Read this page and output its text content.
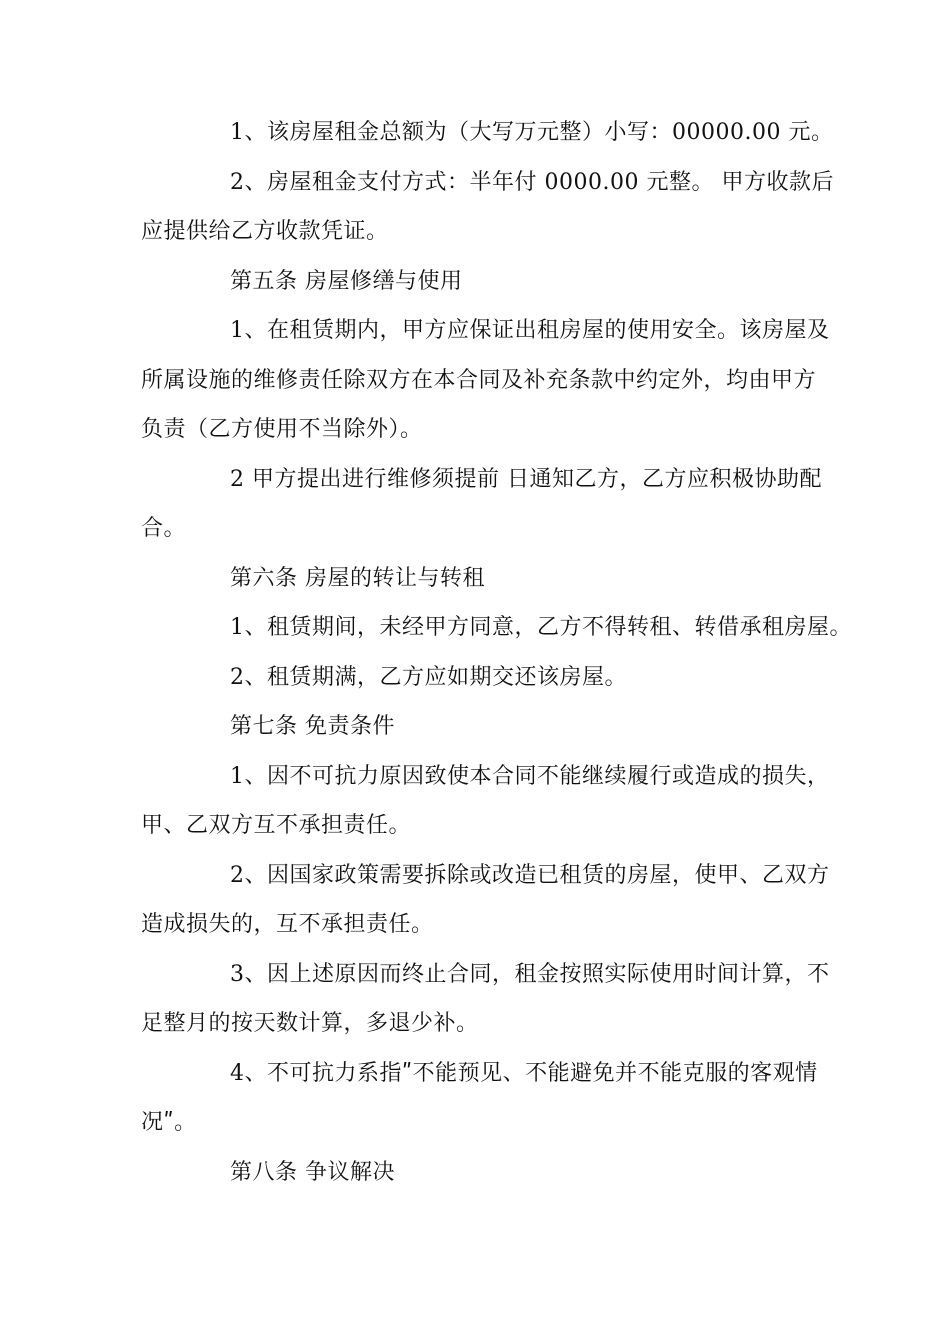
1、该房屋租金总额为（大写万元整）小写：00000.00 元。
2、房屋租金支付方式：半年付 0000.00 元整。 甲方收款后
应提供给乙方收款凭证。
第五条 房屋修缮与使用
1、在租赁期内，甲方应保证出租房屋的使用安全。该房屋及
所属设施的维修责任除双方在本合同及补充条款中约定外，均由甲方
负责（乙方使用不当除外）。
2 甲方提出进行维修须提前 日通知乙方，乙方应积极协助配
合。
第六条 房屋的转让与转租
1、租赁期间，未经甲方同意，乙方不得转租、转借承租房屋。
2、租赁期满，乙方应如期交还该房屋。
第七条 免责条件
1、因不可抗力原因致使本合同不能继续履行或造成的损失，
甲、乙双方互不承担责任。
2、因国家政策需要拆除或改造已租赁的房屋，使甲、乙双方
造成损失的，互不承担责任。
3、因上述原因而终止合同，租金按照实际使用时间计算，不
足整月的按天数计算，多退少补。
4、不可抗力系指ʺ不能预见、不能避免并不能克服的客观情
况ʺ。
第八条 争议解决
